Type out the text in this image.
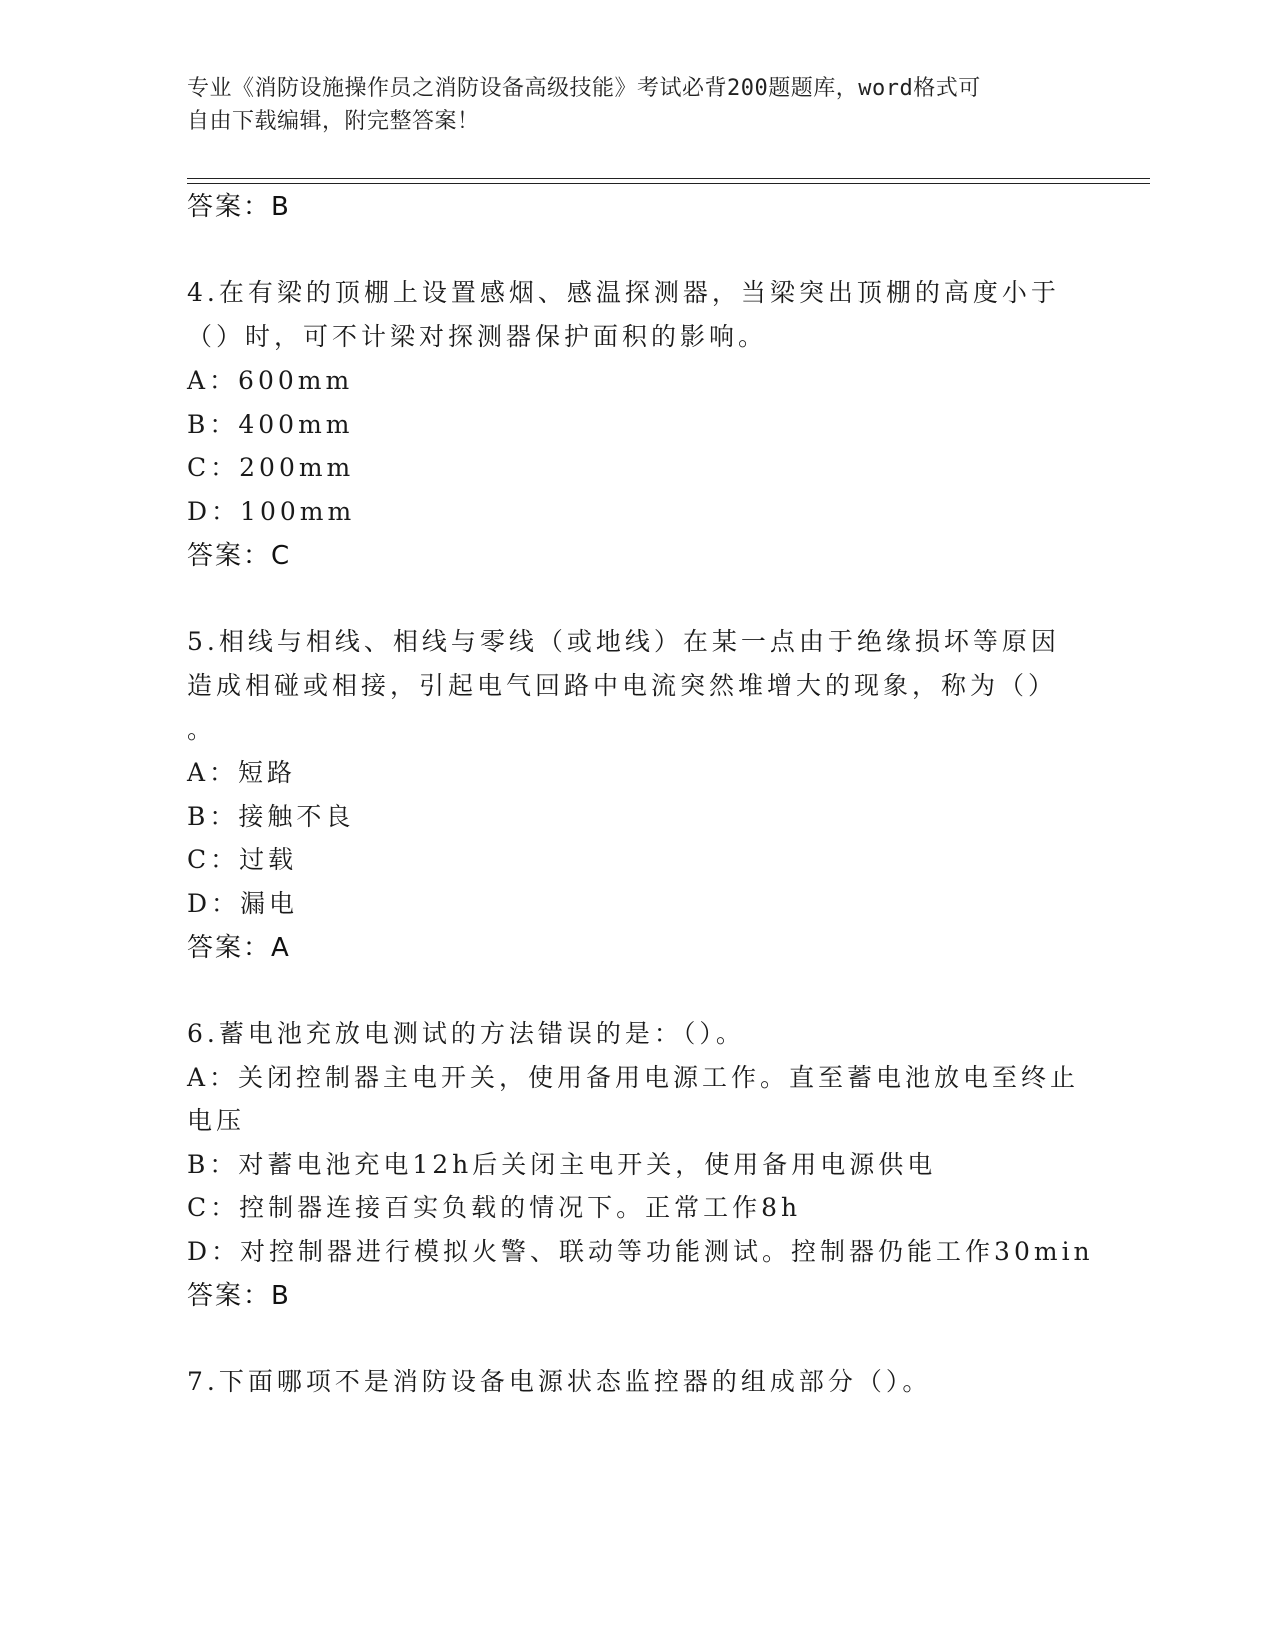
专业《消防设施操作员之消防设备高级技能》考试必背200题题库，word格式可
自由下载编辑，附完整答案！
答案：B
4.在有梁的顶棚上设置感烟、感温探测器，当梁突出顶棚的高度小于
（）时，可不计梁对探测器保护面积的影响。
A：600mm
B：400mm
C：200mm
D：100mm
答案：C
5.相线与相线、相线与零线（或地线）在某一点由于绝缘损坏等原因
造成相碰或相接，引起电气回路中电流突然堆增大的现象，称为（）
。
A：短路
B：接触不良
C：过载
D：漏电
答案：A
6.蓄电池充放电测试的方法错误的是：（）。
A：关闭控制器主电开关，使用备用电源工作。直至蓄电池放电至终止
电压
B：对蓄电池充电12h后关闭主电开关，使用备用电源供电
C：控制器连接百实负载的情况下。正常工作8h
D：对控制器进行模拟火警、联动等功能测试。控制器仍能工作30min
答案：B
7.下面哪项不是消防设备电源状态监控器的组成部分（）。
